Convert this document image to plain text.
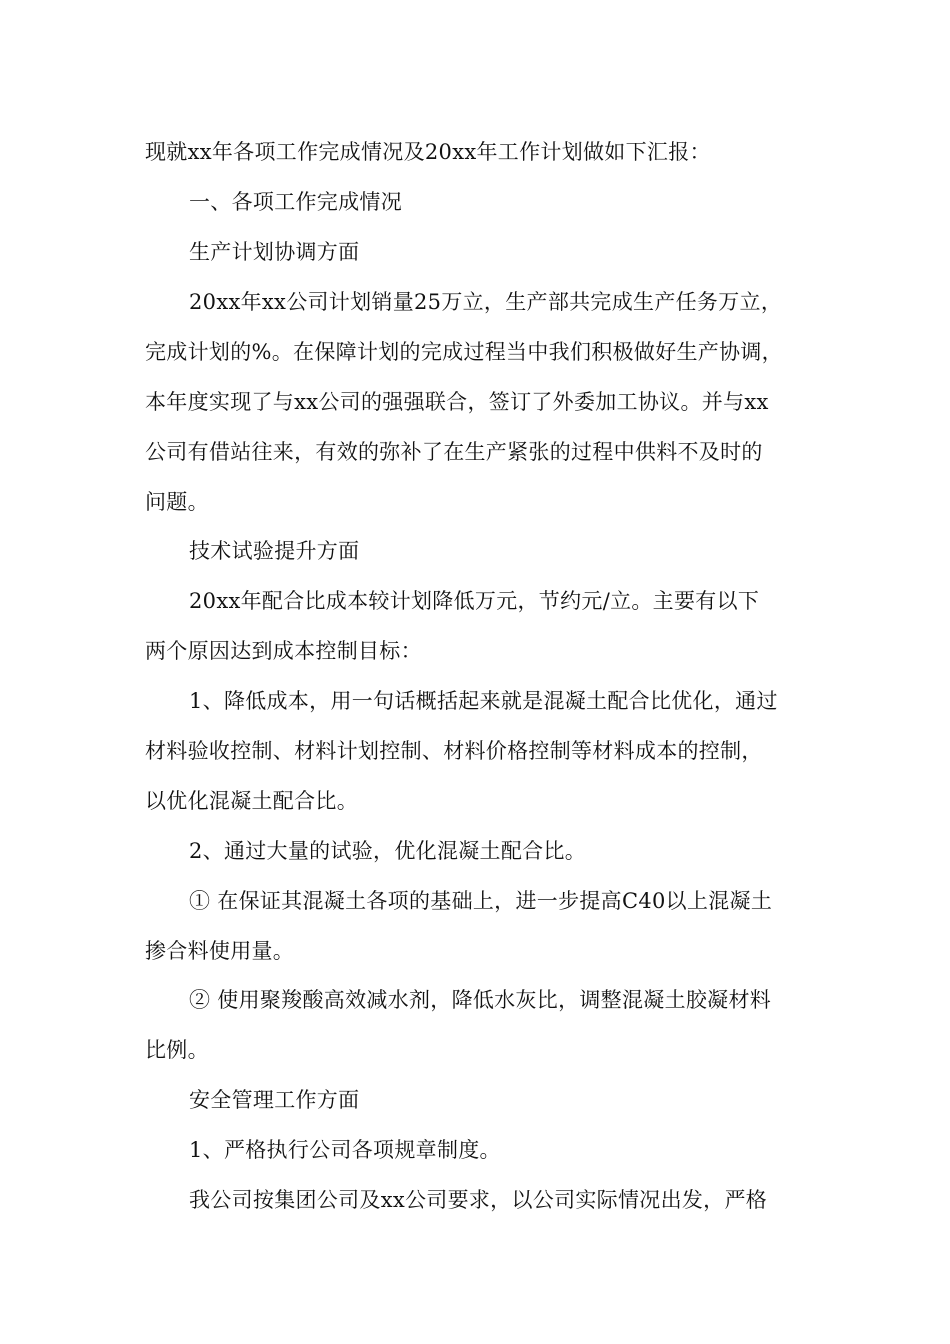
现就xx年各项工作完成情况及20xx年工作计划做如下汇报：
一、各项工作完成情况
生产计划协调方面
20xx年xx公司计划销量25万立，生产部共完成生产任务万立，
完成计划的%。在保障计划的完成过程当中我们积极做好生产协调，
本年度实现了与xx公司的强强联合，签订了外委加工协议。并与xx
公司有借站往来，有效的弥补了在生产紧张的过程中供料不及时的
问题。
技术试验提升方面
20xx年配合比成本较计划降低万元，节约元/立。主要有以下
两个原因达到成本控制目标：
1、降低成本，用一句话概括起来就是混凝土配合比优化，通过
材料验收控制、材料计划控制、材料价格控制等材料成本的控制，
以优化混凝土配合比。
2、通过大量的试验，优化混凝土配合比。
① 在保证其混凝土各项的基础上，进一步提高C40以上混凝土
掺合料使用量。
② 使用聚羧酸高效减水剂，降低水灰比，调整混凝土胶凝材料
比例。
安全管理工作方面
1、严格执行公司各项规章制度。
我公司按集团公司及xx公司要求，以公司实际情况出发，严格
